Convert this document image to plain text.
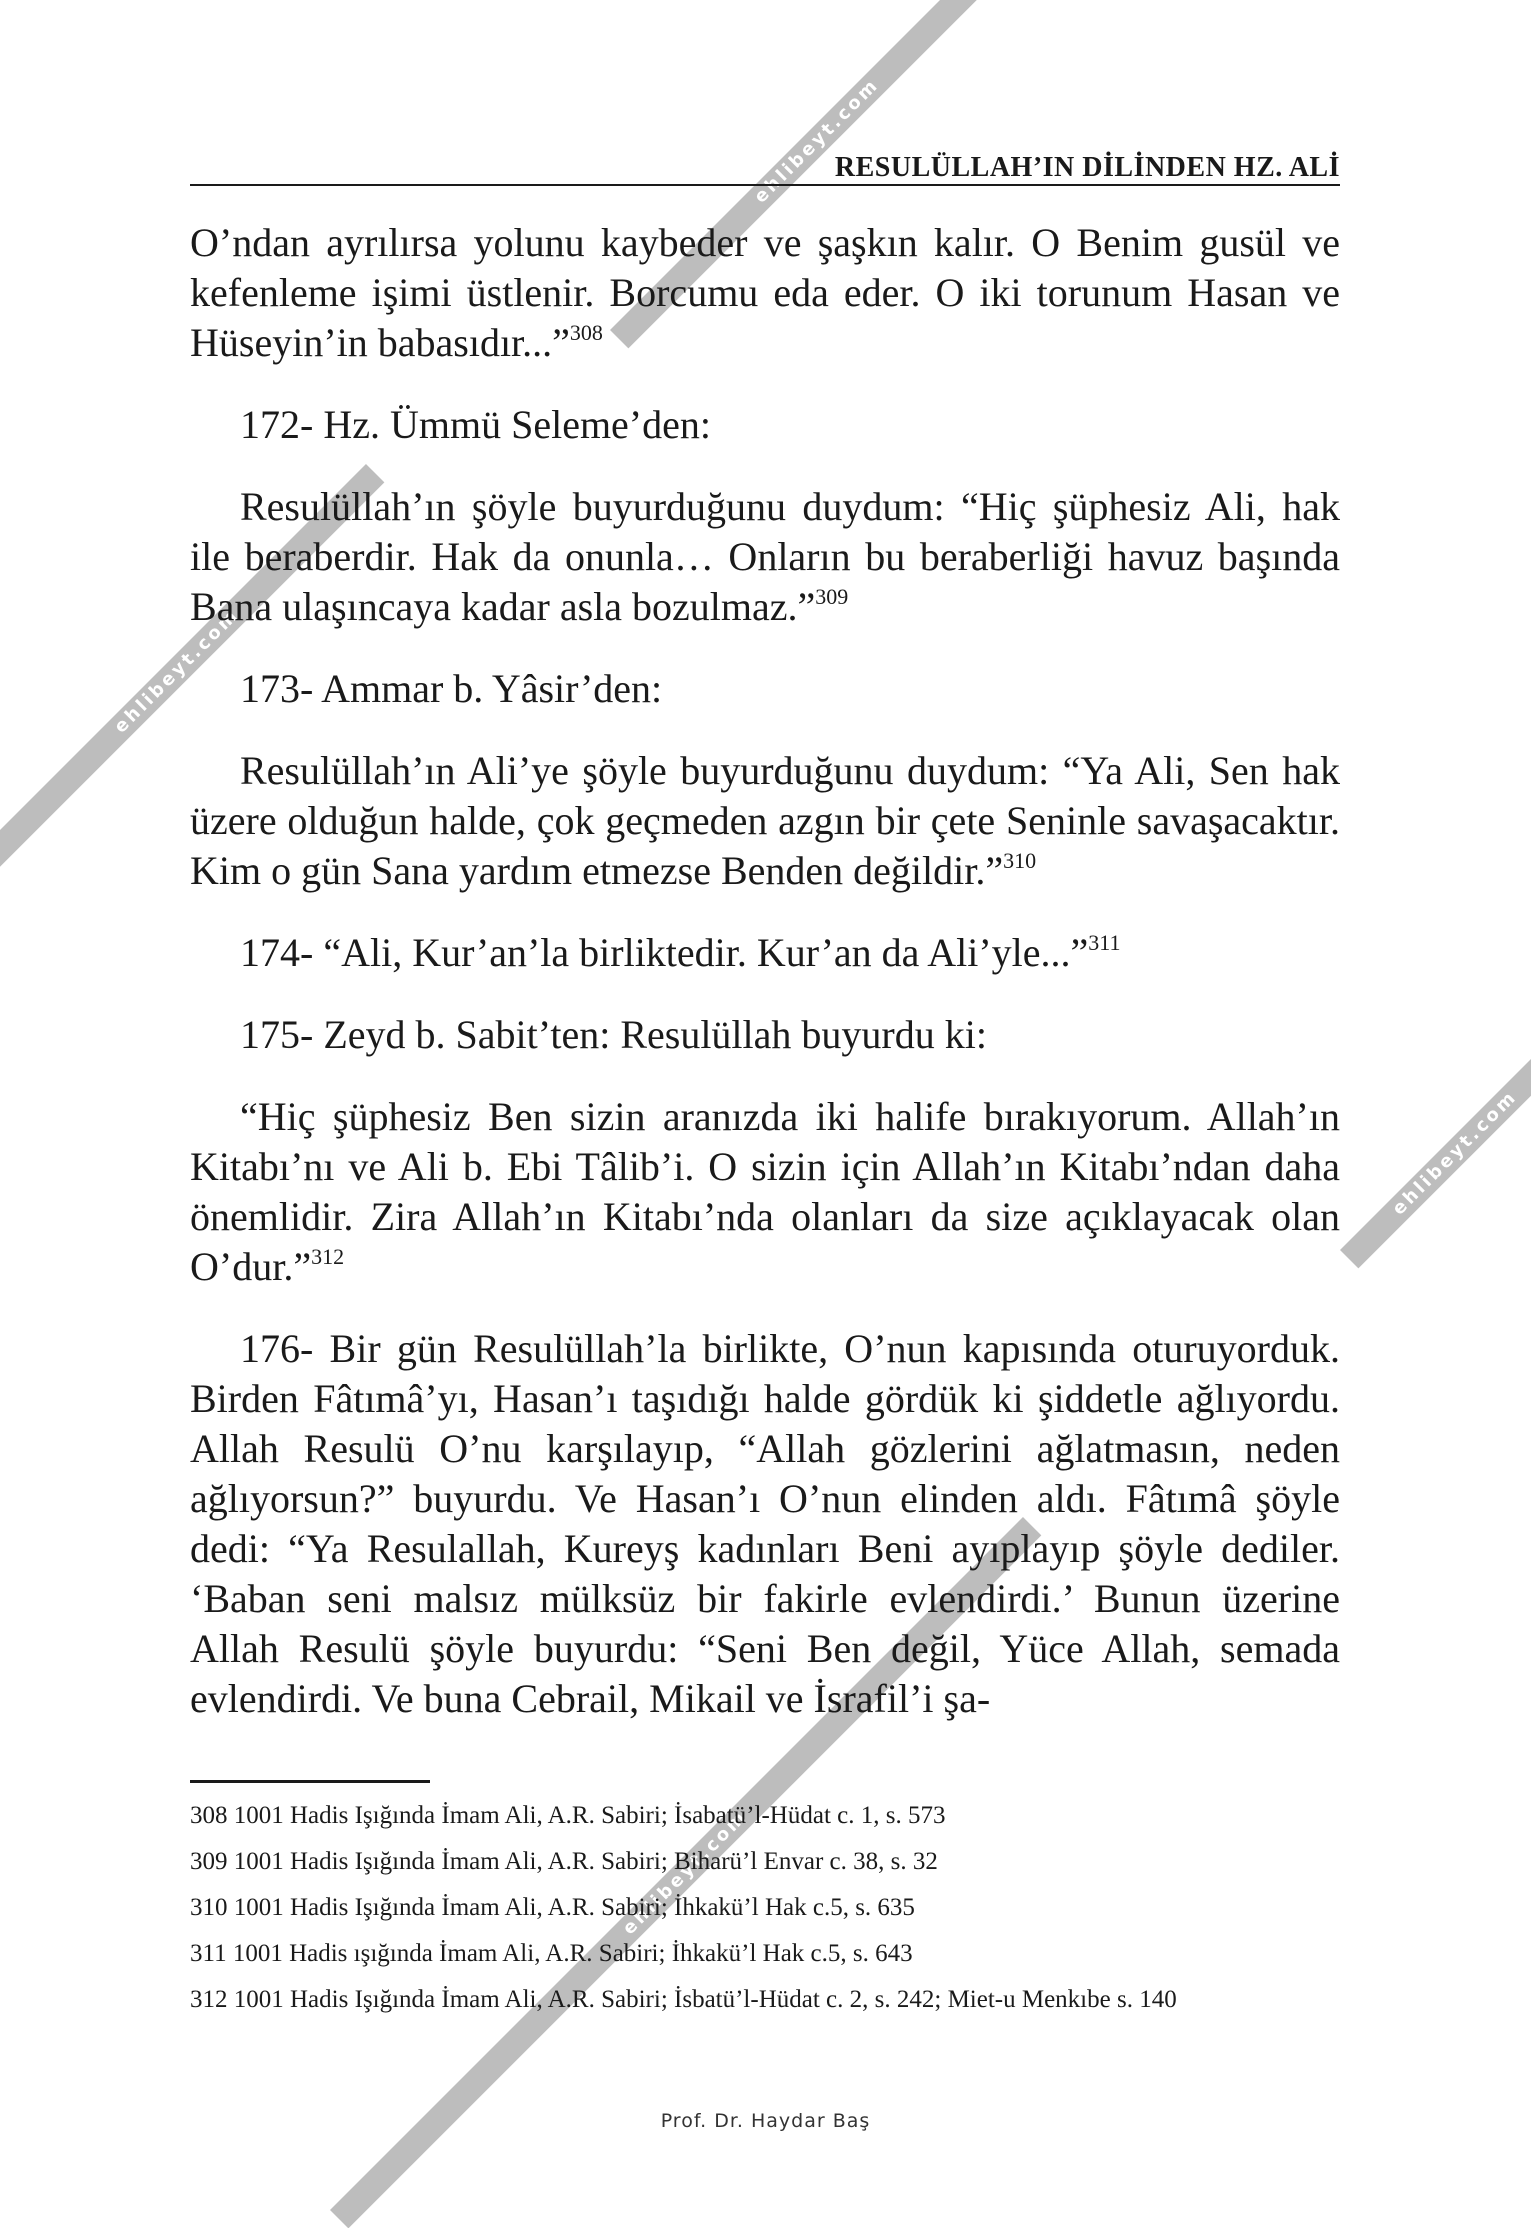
ehlibeyt.com
ehlibeyt.com
ehlibeyt.com
ehlibeyt.com
RESULÜLLAH’IN DİLİNDEN HZ. ALİ

O’ndan ayrılırsa yolunu kaybeder ve şaşkın kalır. O Benim gusül ve kefenleme işimi üstlenir. Borcumu eda eder. O iki torunum Hasan ve Hüseyin’in babasıdır...”$^{308}$

172- Hz. Ümmü Seleme’den:

Resulüllah’ın şöyle buyurduğunu duydum: “Hiç şüphesiz Ali, hak ile beraberdir. Hak da onunla… Onların bu beraberliği havuz başında Bana ulaşıncaya kadar asla bozulmaz.”$^{309}$

173- Ammar b. Yâsir’den:

Resulüllah’ın Ali’ye şöyle buyurduğunu duydum: “Ya Ali, Sen hak üzere olduğun halde, çok geçmeden azgın bir çete Seninle savaşacaktır. Kim o gün Sana yardım etmezse Benden değildir.”$^{310}$

174- “Ali, Kur’an’la birliktedir. Kur’an da Ali’yle...”$^{311}$

175- Zeyd b. Sabit’ten: Resulüllah buyurdu ki:

“Hiç şüphesiz Ben sizin aranızda iki halife bırakıyorum. Allah’ın Kitabı’nı ve Ali b. Ebi Tâlib’i. O sizin için Allah’ın Kitabı’ndan daha önemlidir. Zira Allah’ın Kitabı’nda olanları da size açıklayacak olan O’dur.”$^{312}$

176- Bir gün Resulüllah’la birlikte, O’nun kapısında oturuyorduk. Birden Fâtımâ’yı, Hasan’ı taşıdığı halde gördük ki şiddetle ağlıyordu. Allah Resulü O’nu karşılayıp, “Allah gözlerini ağlatmasın, neden ağlıyorsun?” buyurdu. Ve Hasan’ı O’nun elinden aldı. Fâtımâ şöyle dedi: “Ya Resulallah, Kureyş kadınları Beni ayıplayıp şöyle dediler. ‘Baban seni malsız mülksüz bir fakirle evlendirdi.’ Bunun üzerine Allah Resulü şöyle buyurdu: “Seni Ben değil, Yüce Allah, semada evlendirdi. Ve buna Cebrail, Mikail ve İsrafil’i şa-

308 1001 Hadis Işığında İmam Ali, A.R. Sabiri; İsabatü’l-Hüdat c. 1, s. 573
309 1001 Hadis Işığında İmam Ali, A.R. Sabiri; Biharü’l Envar c. 38, s. 32
310 1001 Hadis Işığında İmam Ali, A.R. Sabiri; İhkakü’l Hak c.5, s. 635
311 1001 Hadis ışığında İmam Ali, A.R. Sabiri; İhkakü’l Hak c.5, s. 643
312 1001 Hadis Işığında İmam Ali, A.R. Sabiri; İsbatü’l-Hüdat c. 2, s. 242; Miet-u Menkıbe s. 140
Prof. Dr. Haydar Baş
